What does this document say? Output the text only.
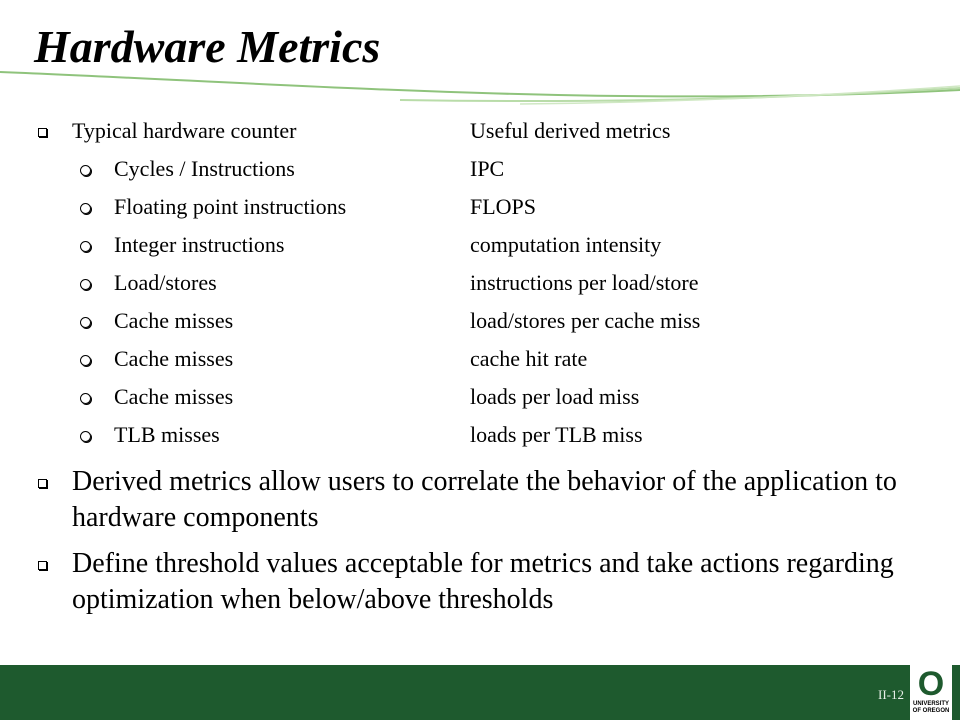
Hardware Metrics
Typical hardware counter	Useful derived metrics
Cycles / Instructions	IPC
Floating point instructions	FLOPS
Integer instructions	computation intensity
Load/stores	instructions per load/store
Cache misses	load/stores per cache miss
Cache misses	cache hit rate
Cache misses	loads per load miss
TLB misses	loads per TLB miss
Derived metrics allow users to correlate the behavior of the application to hardware components
Define threshold values acceptable for metrics and take actions regarding optimization when below/above thresholds
II-12 O
UNIVERSITY
OF OREGON
